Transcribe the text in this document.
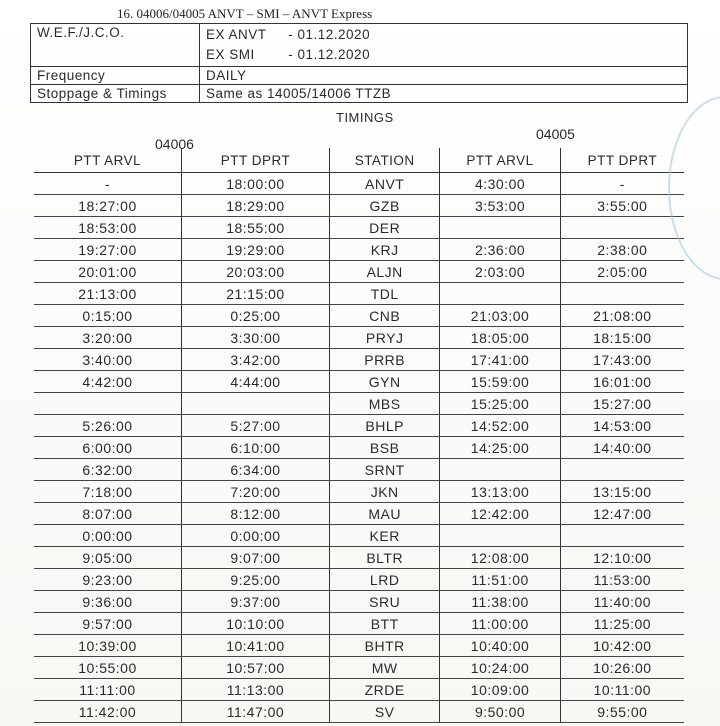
16. 04006/04005 ANVT – SMI – ANVT Express
W.E.F./J.C.O.	EX ANVT - 01.12.2020
EX SMI - 01.12.2020

Frequency	DAILY
Stoppage & Timings	Same as 14005/14006 TTZB
TIMINGS
04006
04005
PTT ARVL	PTT DPRT	STATION	PTT ARVL	PTT DPRT
-	18:00:00	ANVT	4:30:00	-
18:27:00	18:29:00	GZB	3:53:00	3:55:00
18:53:00	18:55:00	DER		
19:27:00	19:29:00	KRJ	2:36:00	2:38:00
20:01:00	20:03:00	ALJN	2:03:00	2:05:00
21:13:00	21:15:00	TDL		
0:15:00	0:25:00	CNB	21:03:00	21:08:00
3:20:00	3:30:00	PRYJ	18:05:00	18:15:00
3:40:00	3:42:00	PRRB	17:41:00	17:43:00
4:42:00	4:44:00	GYN	15:59:00	16:01:00
		MBS	15:25:00	15:27:00
5:26:00	5:27:00	BHLP	14:52:00	14:53:00
6:00:00	6:10:00	BSB	14:25:00	14:40:00
6:32:00	6:34:00	SRNT		
7:18:00	7:20:00	JKN	13:13:00	13:15:00
8:07:00	8:12:00	MAU	12:42:00	12:47:00
0:00:00	0:00:00	KER		
9:05:00	9:07:00	BLTR	12:08:00	12:10:00
9:23:00	9:25:00	LRD	11:51:00	11:53:00
9:36:00	9:37:00	SRU	11:38:00	11:40:00
9:57:00	10:10:00	BTT	11:00:00	11:25:00
10:39:00	10:41:00	BHTR	10:40:00	10:42:00
10:55:00	10:57:00	MW	10:24:00	10:26:00
11:11:00	11:13:00	ZRDE	10:09:00	10:11:00
11:42:00	11:47:00	SV	9:50:00	9:55:00
